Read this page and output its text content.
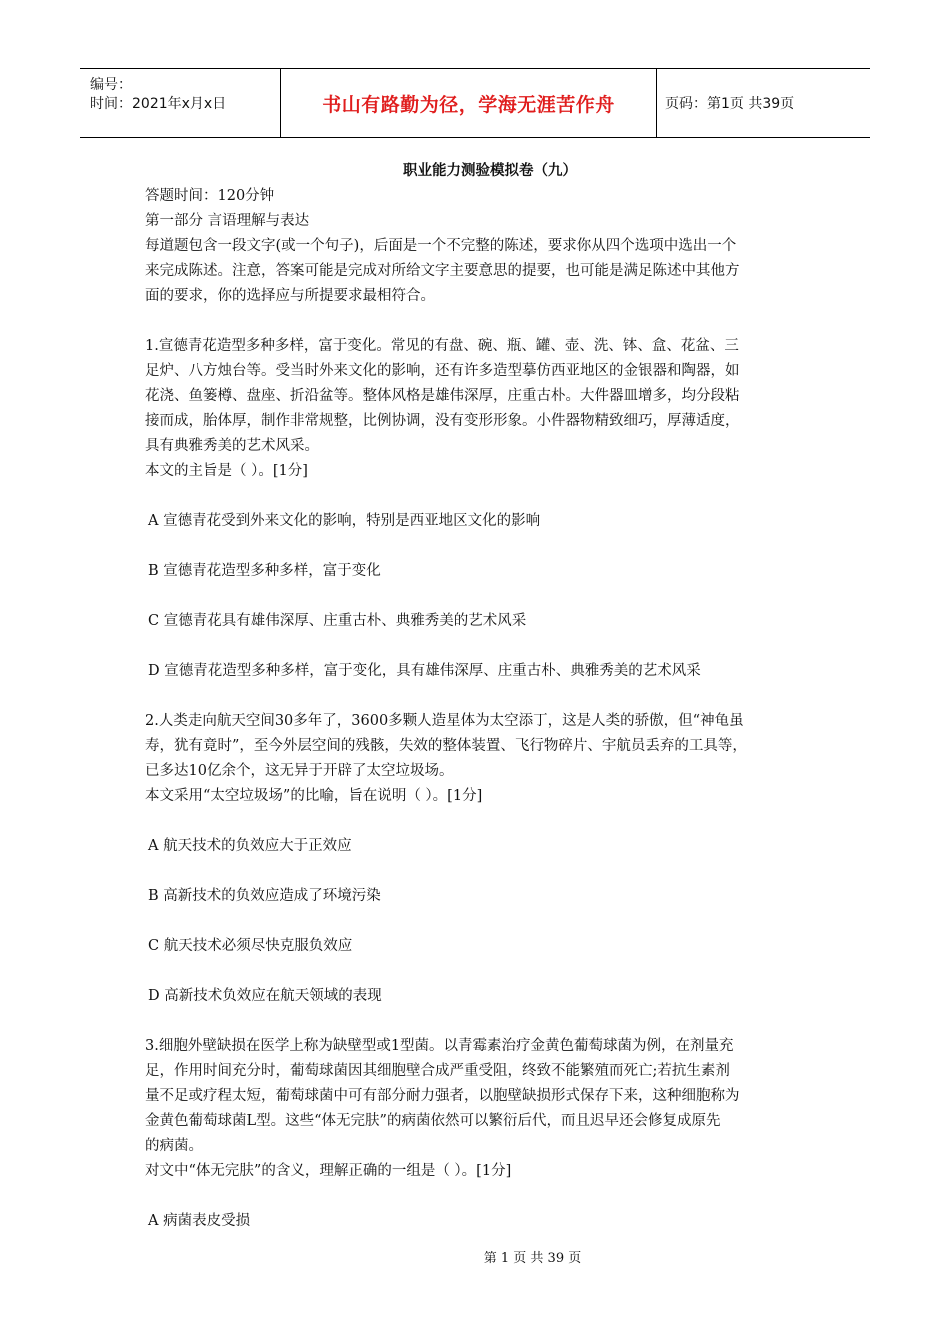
编号：
时间：2021年x月x日	书山有路勤为径，学海无涯苦作舟	页码：第1页 共39页
职业能力测验模拟卷（九）
答题时间：120分钟
第一部分 言语理解与表达
每道题包含一段文字(或一个句子)，后面是一个不完整的陈述，要求你从四个选项中选出一个
来完成陈述。注意，答案可能是完成对所给文字主要意思的提要，也可能是满足陈述中其他方
面的要求，你的选择应与所提要求最相符合。
1.宣德青花造型多种多样，富于变化。常见的有盘、碗、瓶、罐、壶、洗、钵、盒、花盆、三
足炉、八方烛台等。受当时外来文化的影响，还有许多造型摹仿西亚地区的金银器和陶器，如
花浇、鱼篓樽、盘座、折沿盆等。整体风格是雄伟深厚，庄重古朴。大件器皿增多，均分段粘
接而成，胎体厚，制作非常规整，比例协调，没有变形形象。小件器物精致细巧，厚薄适度，
具有典雅秀美的艺术风采。
本文的主旨是（ ）。[1分]
A 宣德青花受到外来文化的影响，特别是西亚地区文化的影响
B 宣德青花造型多种多样，富于变化
C 宣德青花具有雄伟深厚、庄重古朴、典雅秀美的艺术风采
D 宣德青花造型多种多样，富于变化，具有雄伟深厚、庄重古朴、典雅秀美的艺术风采
2.人类走向航天空间30多年了，3600多颗人造星体为太空添丁，这是人类的骄傲，但“神龟虽
寿，犹有竟时”，至今外层空间的残骸，失效的整体装置、飞行物碎片、宇航员丢弃的工具等，
已多达10亿余个，这无异于开辟了太空垃圾场。
本文采用“太空垃圾场”的比喻，旨在说明（ ）。[1分]
A 航天技术的负效应大于正效应
B 高新技术的负效应造成了环境污染
C 航天技术必须尽快克服负效应
D 高新技术负效应在航天领域的表现
3.细胞外壁缺损在医学上称为缺壁型或1型菌。以青霉素治疗金黄色葡萄球菌为例，在剂量充
足，作用时间充分时，葡萄球菌因其细胞壁合成严重受阻，终致不能繁殖而死亡;若抗生素剂
量不足或疗程太短，葡萄球菌中可有部分耐力强者，以胞壁缺损形式保存下来，这种细胞称为
金黄色葡萄球菌L型。这些“体无完肤”的病菌依然可以繁衍后代，而且迟早还会修复成原先
的病菌。
对文中“体无完肤”的含义，理解正确的一组是（ ）。[1分]
A 病菌表皮受损
第 1 页 共 39 页
